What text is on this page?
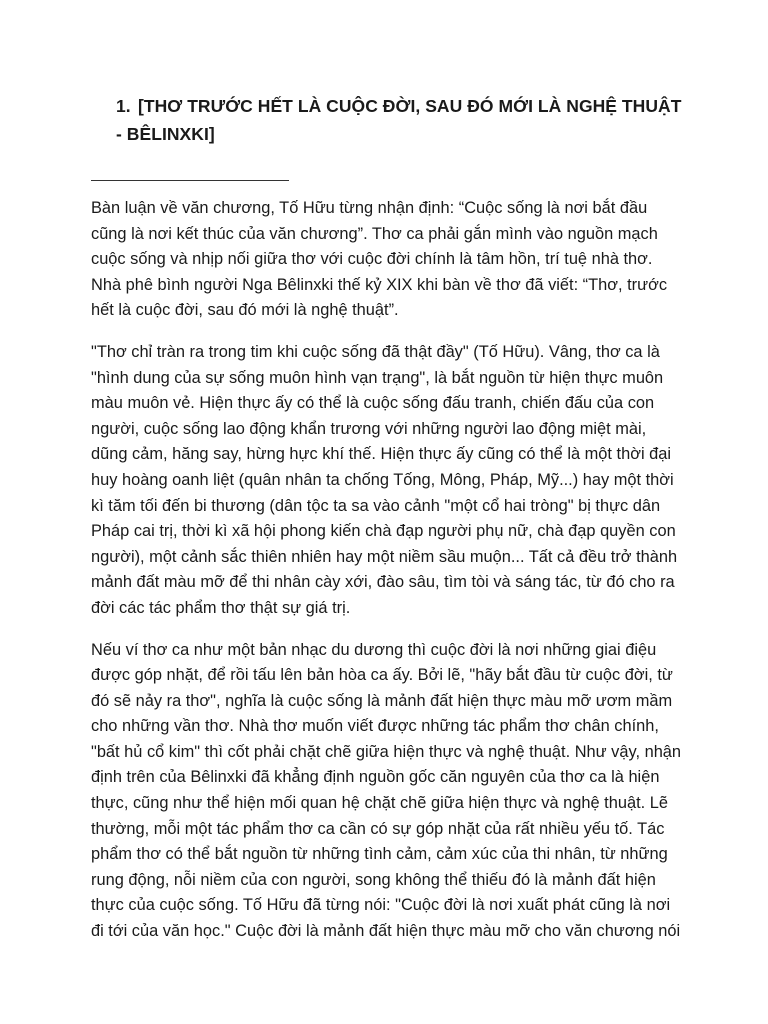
1. [THƠ TRƯỚC HẾT LÀ CUỘC ĐỜI, SAU ĐÓ MỚI LÀ NGHỆ THUẬT - BÊLINXKI]

Bàn luận về văn chương, Tố Hữu từng nhận định: “Cuộc sống là nơi bắt đầu cũng là nơi kết thúc của văn chương”. Thơ ca phải gắn mình vào nguồn mạch cuộc sống và nhịp nối giữa thơ với cuộc đời chính là tâm hồn, trí tuệ nhà thơ. Nhà phê bình người Nga Bêlinxki thế kỷ XIX khi bàn về thơ đã viết: “Thơ, trước hết là cuộc đời, sau đó mới là nghệ thuật”.

"Thơ chỉ tràn ra trong tim khi cuộc sống đã thật đầy" (Tố Hữu). Vâng, thơ ca là "hình dung của sự sống muôn hình vạn trạng", là bắt nguồn từ hiện thực muôn màu muôn vẻ. Hiện thực ấy có thể là cuộc sống đấu tranh, chiến đấu của con người, cuộc sống lao động khẩn trương với những người lao động miệt mài, dũng cảm, hăng say, hừng hực khí thế. Hiện thực ấy cũng có thể là một thời đại huy hoàng oanh liệt (quân nhân ta chống Tống, Mông, Pháp, Mỹ...) hay một thời kì tăm tối đến bi thương (dân tộc ta sa vào cảnh "một cổ hai tròng" bị thực dân Pháp cai trị, thời kì xã hội phong kiến chà đạp người phụ nữ, chà đạp quyền con người), một cảnh sắc thiên nhiên hay một niềm sầu muộn... Tất cả đều trở thành mảnh đất màu mỡ để thi nhân cày xới, đào sâu, tìm tòi và sáng tác, từ đó cho ra đời các tác phẩm thơ thật sự giá trị.

Nếu ví thơ ca như một bản nhạc du dương thì cuộc đời là nơi những giai điệu được góp nhặt, để rồi tấu lên bản hòa ca ấy. Bởi lẽ, "hãy bắt đầu từ cuộc đời, từ đó sẽ nảy ra thơ", nghĩa là cuộc sống là mảnh đất hiện thực màu mỡ ươm mầm cho những vần thơ. Nhà thơ muốn viết được những tác phẩm thơ chân chính, "bất hủ cổ kim" thì cốt phải chặt chẽ giữa hiện thực và nghệ thuật. Như vậy, nhận định trên của Bêlinxki đã khẳng định nguồn gốc căn nguyên của thơ ca là hiện thực, cũng như thể hiện mối quan hệ chặt chẽ giữa hiện thực và nghệ thuật. Lẽ thường, mỗi một tác phẩm thơ ca cần có sự góp nhặt của rất nhiều yếu tố. Tác phẩm thơ có thể bắt nguồn từ những tình cảm, cảm xúc của thi nhân, từ những rung động, nỗi niềm của con người, song không thể thiếu đó là mảnh đất hiện thực của cuộc sống. Tố Hữu đã từng nói: "Cuộc đời là nơi xuất phát cũng là nơi đi tới của văn học." Cuộc đời là mảnh đất hiện thực màu mỡ cho văn chương nói
